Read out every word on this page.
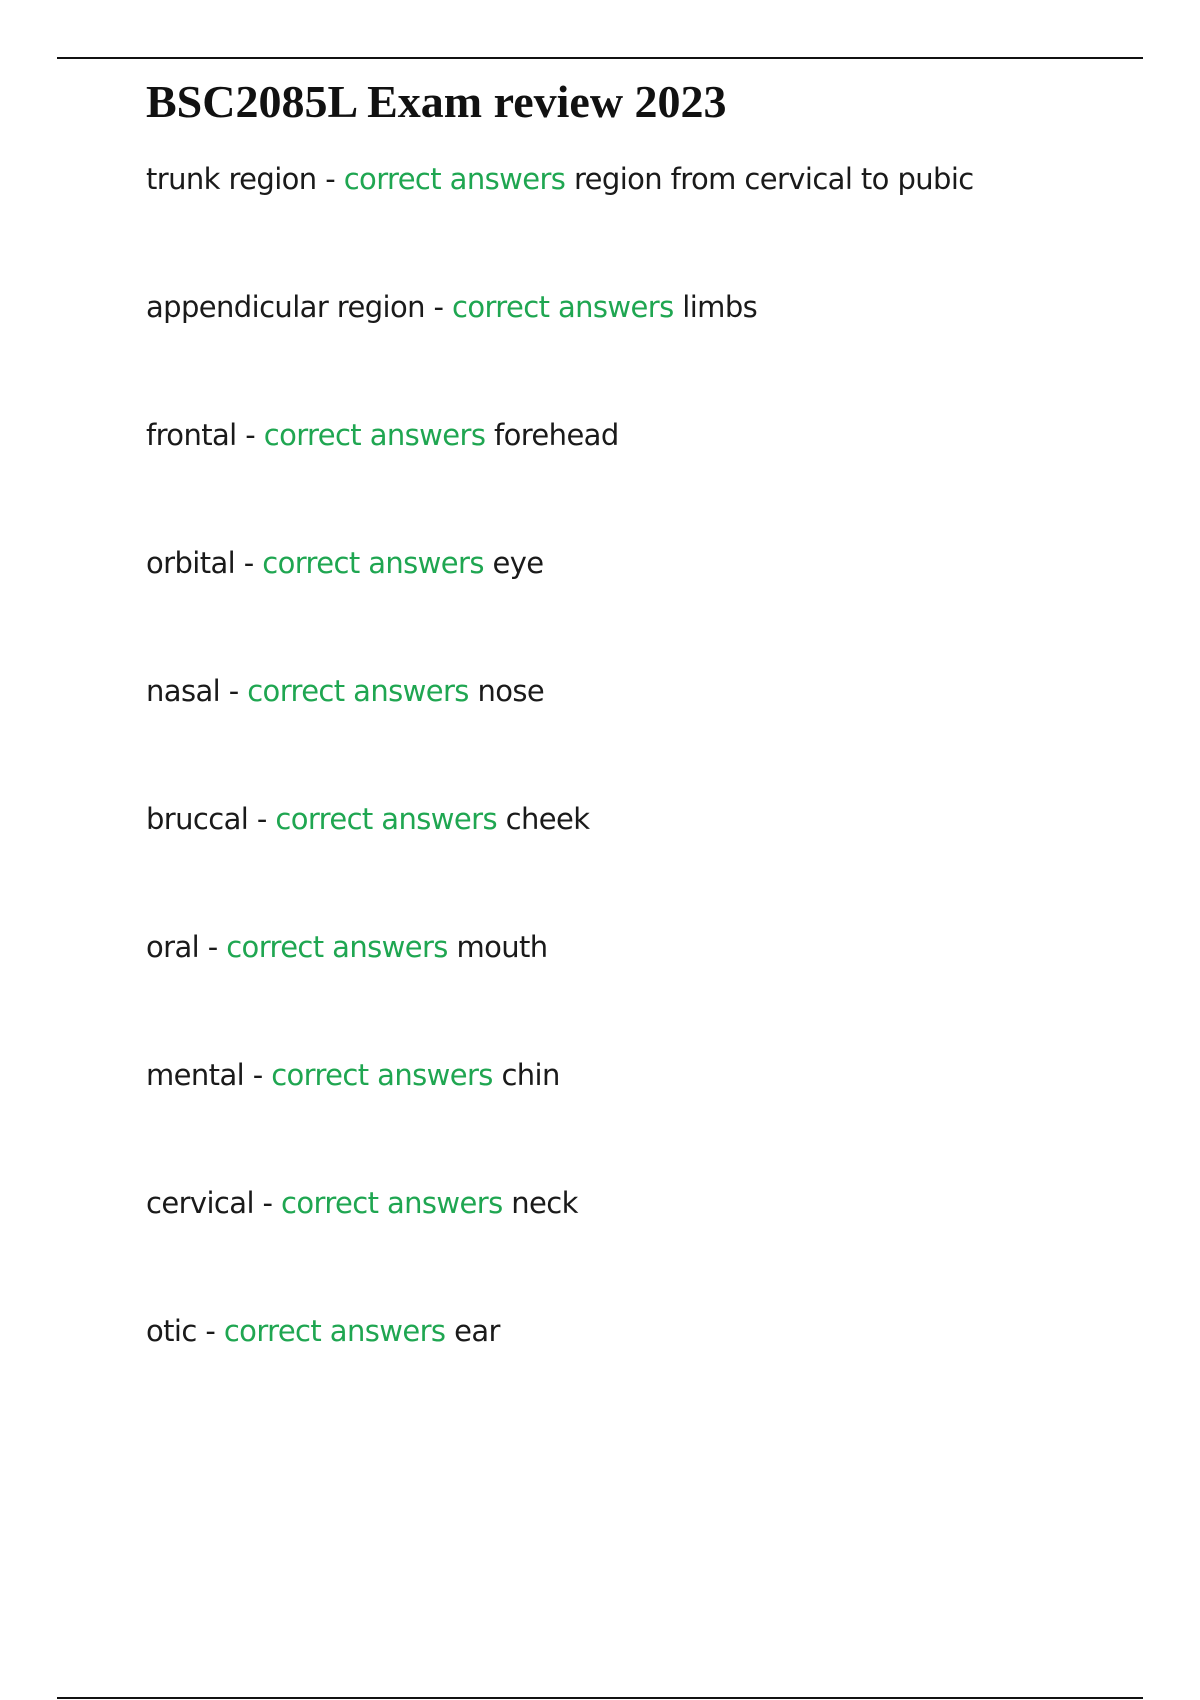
BSC2085L Exam review 2023
trunk region - correct answers region from cervical to pubic
appendicular region - correct answers limbs
frontal - correct answers forehead
orbital - correct answers eye
nasal - correct answers nose
bruccal - correct answers cheek
oral - correct answers mouth
mental - correct answers chin
cervical - correct answers neck
otic - correct answers ear
